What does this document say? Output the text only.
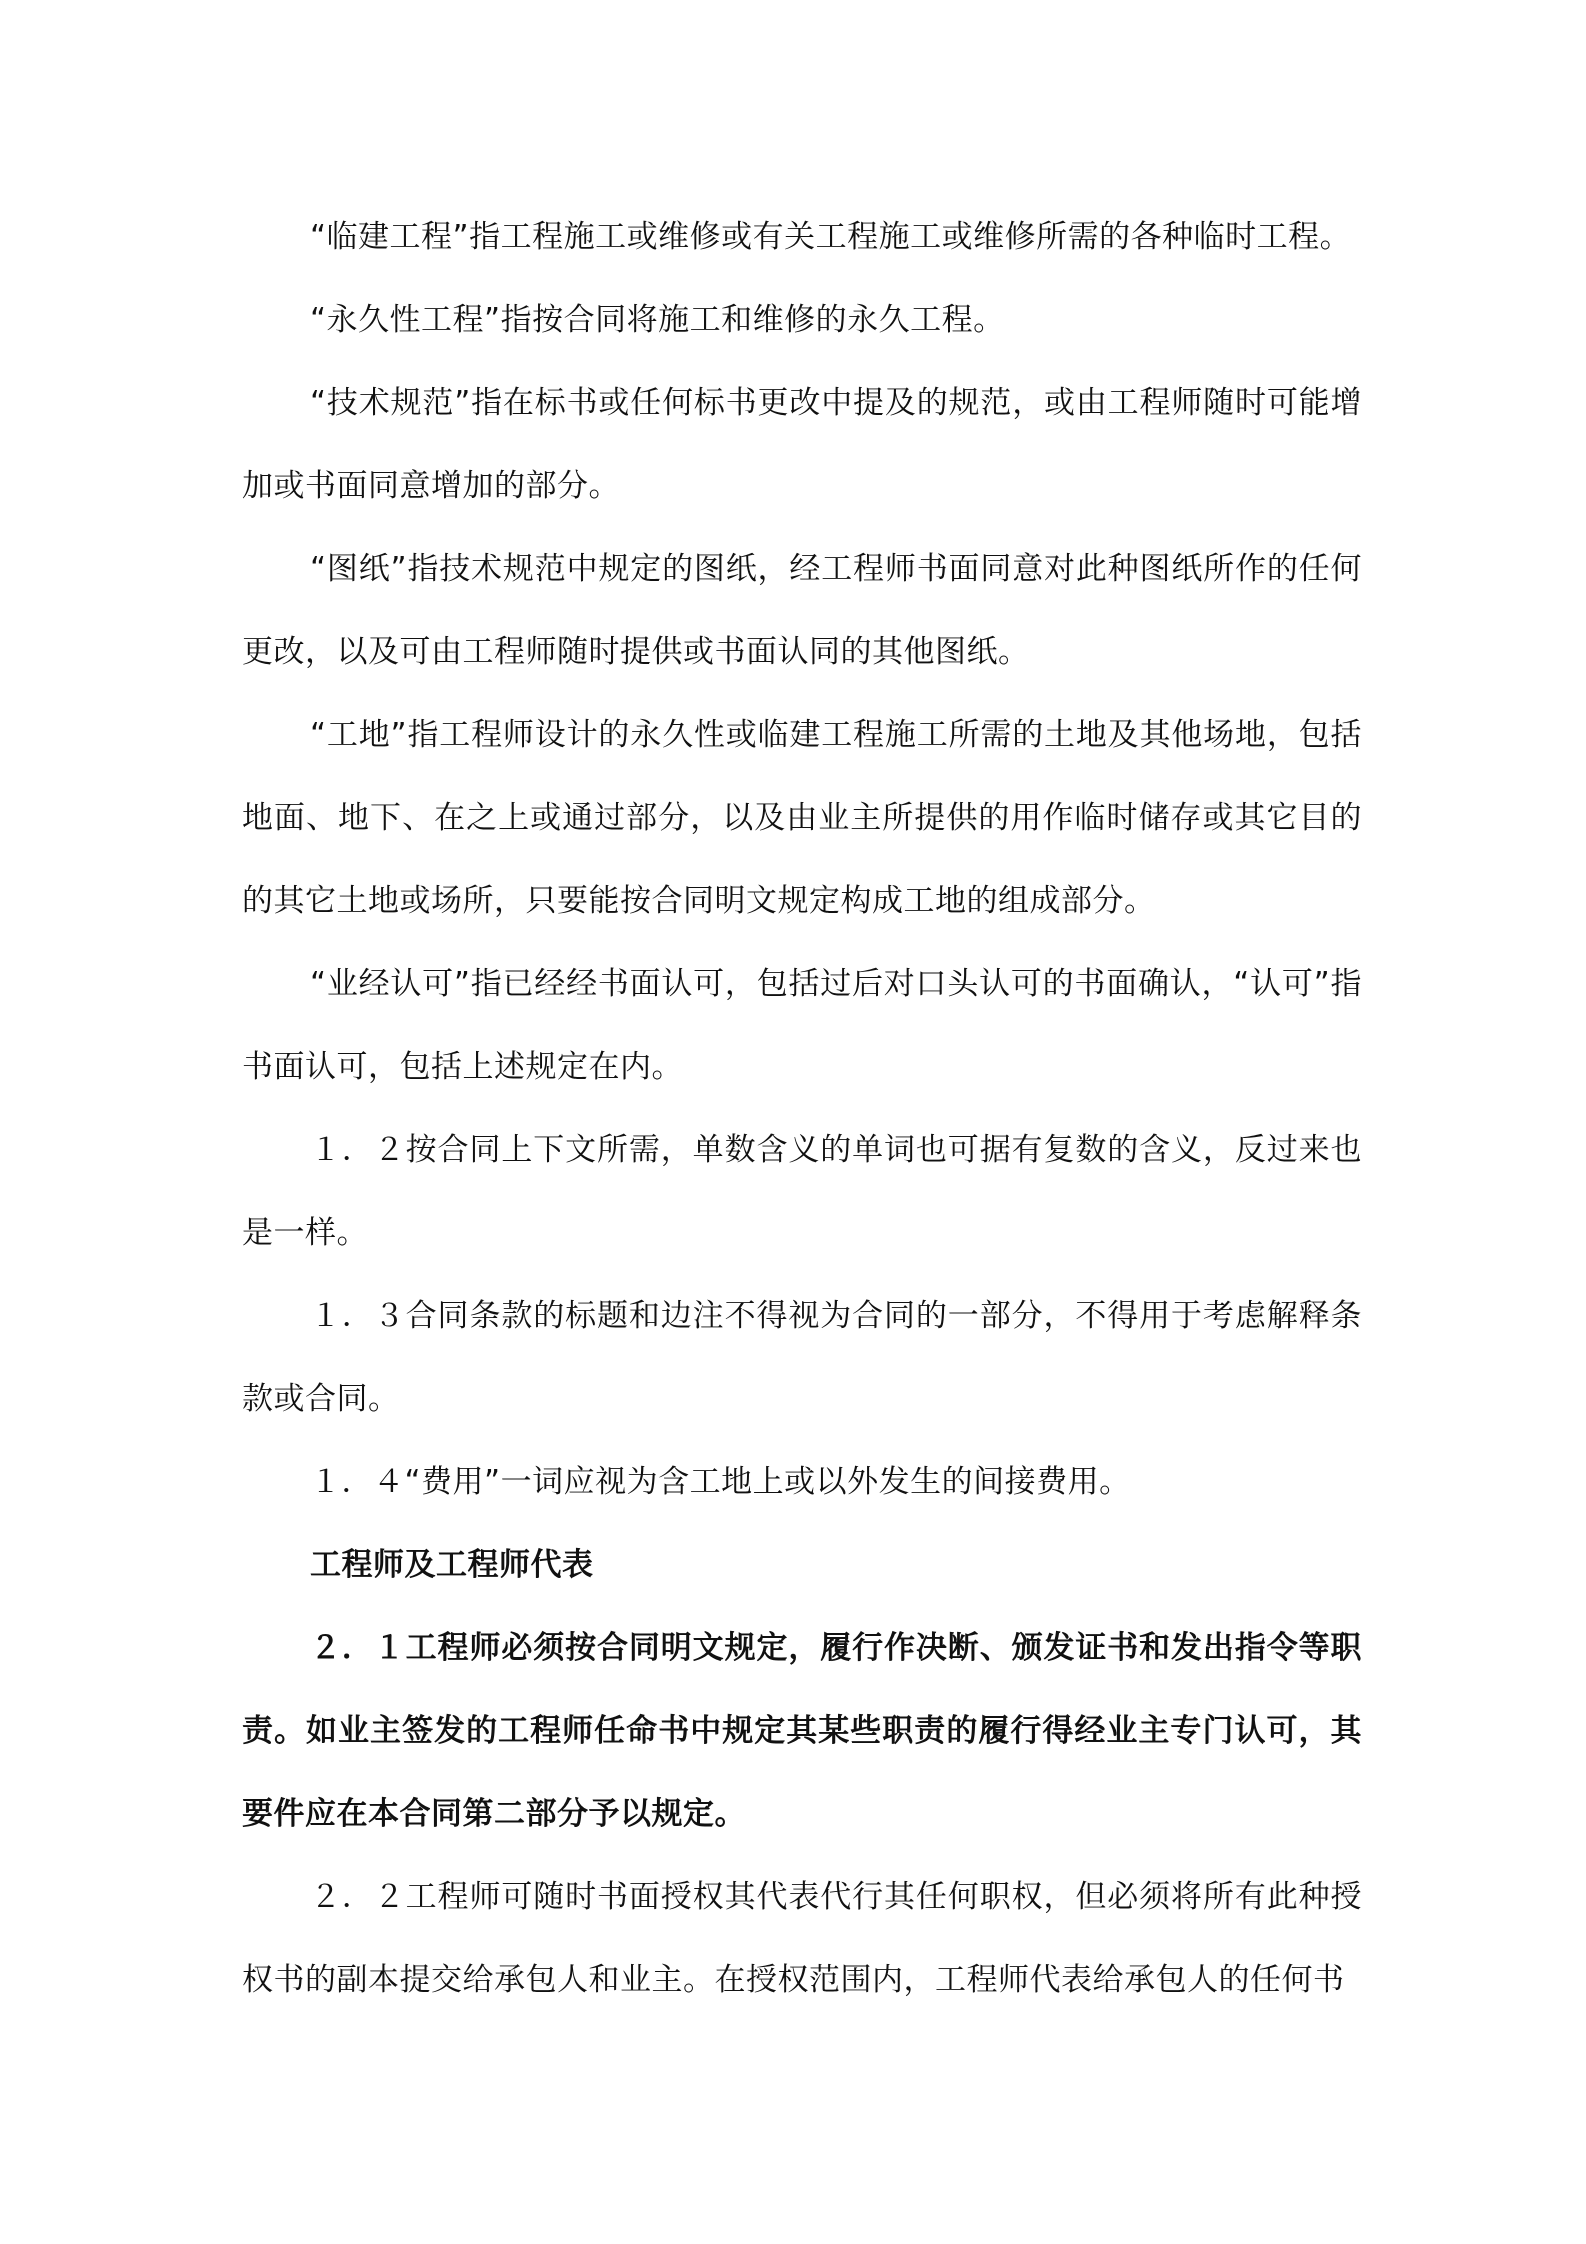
“临建工程”指工程施工或维修或有关工程施工或维修所需的各种临时工程。

“永久性工程”指按合同将施工和维修的永久工程。

“技术规范”指在标书或任何标书更改中提及的规范，或由工程师随时可能增加或书面同意增加的部分。

“图纸”指技术规范中规定的图纸，经工程师书面同意对此种图纸所作的任何更改，以及可由工程师随时提供或书面认同的其他图纸。

“工地”指工程师设计的永久性或临建工程施工所需的土地及其他场地，包括地面、地下、在之上或通过部分，以及由业主所提供的用作临时储存或其它目的的其它土地或场所，只要能按合同明文规定构成工地的组成部分。

“业经认可”指已经经书面认可，包括过后对口头认可的书面确认，“认可”指书面认可，包括上述规定在内。

１．２按合同上下文所需，单数含义的单词也可据有复数的含义，反过来也是一样。

１．３合同条款的标题和边注不得视为合同的一部分，不得用于考虑解释条款或合同。

１．４“费用”一词应视为含工地上或以外发生的间接费用。

工程师及工程师代表

２．１工程师必须按合同明文规定，履行作决断、颁发证书和发出指令等职责。如业主签发的工程师任命书中规定其某些职责的履行得经业主专门认可，其要件应在本合同第二部分予以规定。

２．２工程师可随时书面授权其代表代行其任何职权，但必须将所有此种授权书的副本提交给承包人和业主。在授权范围内，工程师代表给承包人的任何书
